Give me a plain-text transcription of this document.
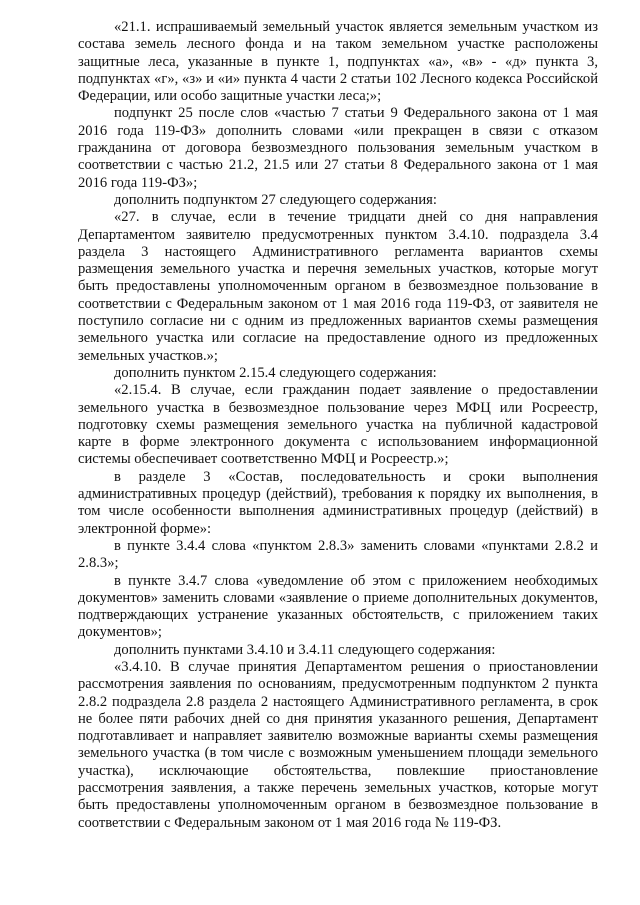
«21.1. испрашиваемый земельный участок является земельным участком из состава земель лесного фонда и на таком земельном участке расположены защитные леса, указанные в пункте 1, подпунктах «а», «в» - «д» пункта 3, подпунктах «г», «з» и «и» пункта 4 части 2 статьи 102 Лесного кодекса Российской Федерации, или особо защитные участки леса;»;

подпункт 25 после слов «частью 7 статьи 9 Федерального закона от 1 мая 2016 года 119-ФЗ» дополнить словами «или прекращен в связи с отказом гражданина от договора безвозмездного пользования земельным участком в соответствии с частью 21.2, 21.5 или 27 статьи 8 Федерального закона от 1 мая 2016 года 119-ФЗ»;

дополнить подпунктом 27 следующего содержания:

«27. в случае, если в течение тридцати дней со дня направления Департаментом заявителю предусмотренных пунктом 3.4.10. подраздела 3.4 раздела 3 настоящего Административного регламента вариантов схемы размещения земельного участка и перечня земельных участков, которые могут быть предоставлены уполномоченным органом в безвозмездное пользование в соответствии с Федеральным законом от 1 мая 2016 года 119-ФЗ, от заявителя не поступило согласие ни с одним из предложенных вариантов схемы размещения земельного участка или согласие на предоставление одного из предложенных земельных участков.»;

дополнить пунктом 2.15.4 следующего содержания:

«2.15.4. В случае, если гражданин подает заявление о предоставлении земельного участка в безвозмездное пользование через МФЦ или Росреестр, подготовку схемы размещения земельного участка на публичной кадастровой карте в форме электронного документа с использованием информационной системы обеспечивает соответственно МФЦ и Росреестр.»;

в разделе 3 «Состав, последовательность и сроки выполнения административных процедур (действий), требования к порядку их выполнения, в том числе особенности выполнения административных процедур (действий) в электронной форме»:

в пункте 3.4.4 слова «пунктом 2.8.3» заменить словами «пунктами 2.8.2 и 2.8.3»;

в пункте 3.4.7 слова «уведомление об этом с приложением необходимых документов» заменить словами «заявление о приеме дополнительных документов, подтверждающих устранение указанных обстоятельств, с приложением таких документов»;

дополнить пунктами 3.4.10 и 3.4.11 следующего содержания:

«3.4.10. В случае принятия Департаментом решения о приостановлении рассмотрения заявления по основаниям, предусмотренным подпунктом 2 пункта 2.8.2 подраздела 2.8 раздела 2 настоящего Административного регламента, в срок не более пяти рабочих дней со дня принятия указанного решения, Департамент подготавливает и направляет заявителю возможные варианты схемы размещения земельного участка (в том числе с возможным уменьшением площади земельного участка), исключающие обстоятельства, повлекшие приостановление рассмотрения заявления, а также перечень земельных участков, которые могут быть предоставлены уполномоченным органом в безвозмездное пользование в соответствии с Федеральным законом от 1 мая 2016 года № 119-ФЗ.
